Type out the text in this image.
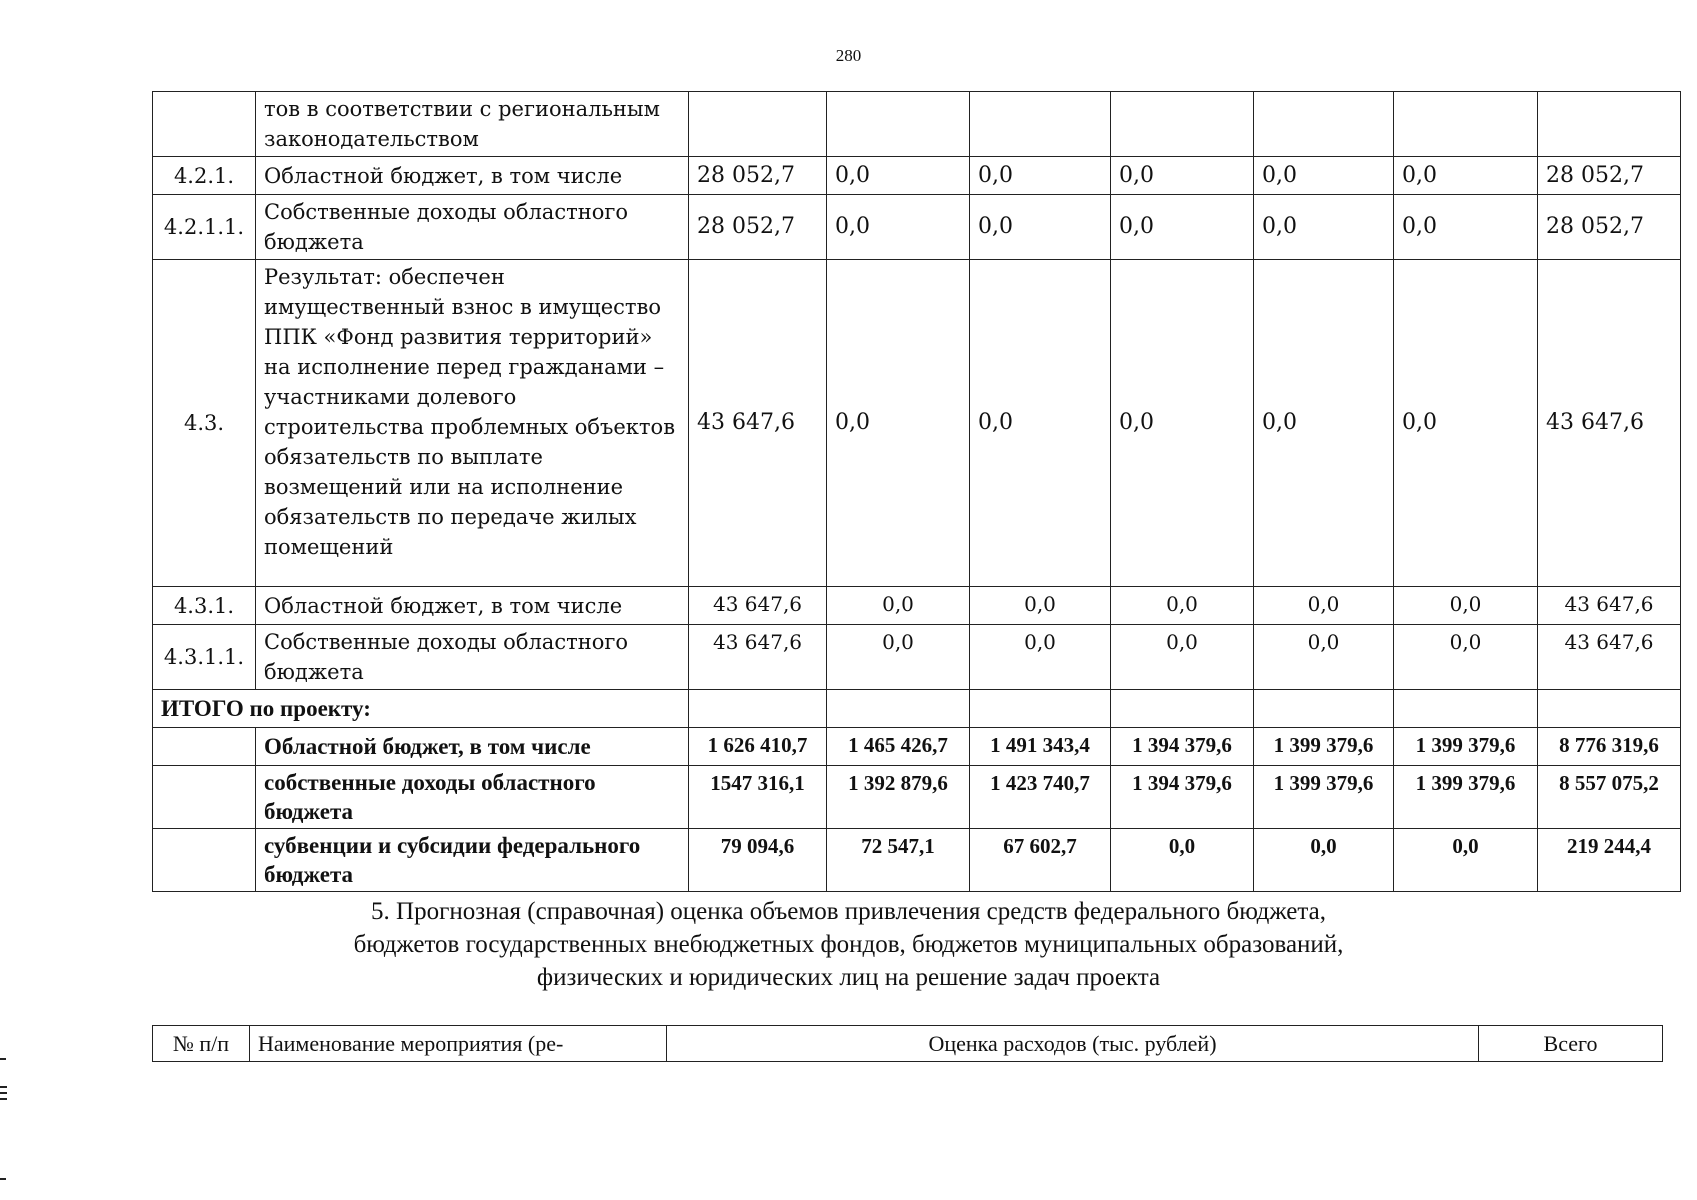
280
	тов в соответствии с региональным законодательством							
4.2.1.	Областной бюджет, в том числе	28 052,7	0,0	0,0	0,0	0,0	0,0	28 052,7
4.2.1.1.	Собственные доходы областного бюджета	28 052,7	0,0	0,0	0,0	0,0	0,0	28 052,7
4.3.	Результат: обеспечен имущественный взнос в имущество ППК «Фонд развития территорий» на исполнение перед гражданами – участниками долевого строительства проблемных объектов обязательств по выплате возмещений или на исполнение обязательств по передаче жилых помещений	43 647,6	0,0	0,0	0,0	0,0	0,0	43 647,6
4.3.1.	Областной бюджет, в том числе	43 647,6	0,0	0,0	0,0	0,0	0,0	43 647,6
4.3.1.1.	Собственные доходы областного бюджета	43 647,6	0,0	0,0	0,0	0,0	0,0	43 647,6
ИТОГО по проекту:								
	Областной бюджет, в том числе	1 626 410,7	1 465 426,7	1 491 343,4	1 394 379,6	1 399 379,6	1 399 379,6	8 776 319,6
	собственные доходы областного бюджета	1547 316,1	1 392 879,6	1 423 740,7	1 394 379,6	1 399 379,6	1 399 379,6	8 557 075,2
	субвенции и субсидии федерального бюджета	79 094,6	72 547,1	67 602,7	0,0	0,0	0,0	219 244,4
5. Прогнозная (справочная) оценка объемов привлечения средств федерального бюджета,
бюджетов государственных внебюджетных фондов, бюджетов муниципальных образований,
физических и юридических лиц на решение задач проекта
№ п/п	Наименование мероприятия (ре-	Оценка расходов (тыс. рублей)	Всего
